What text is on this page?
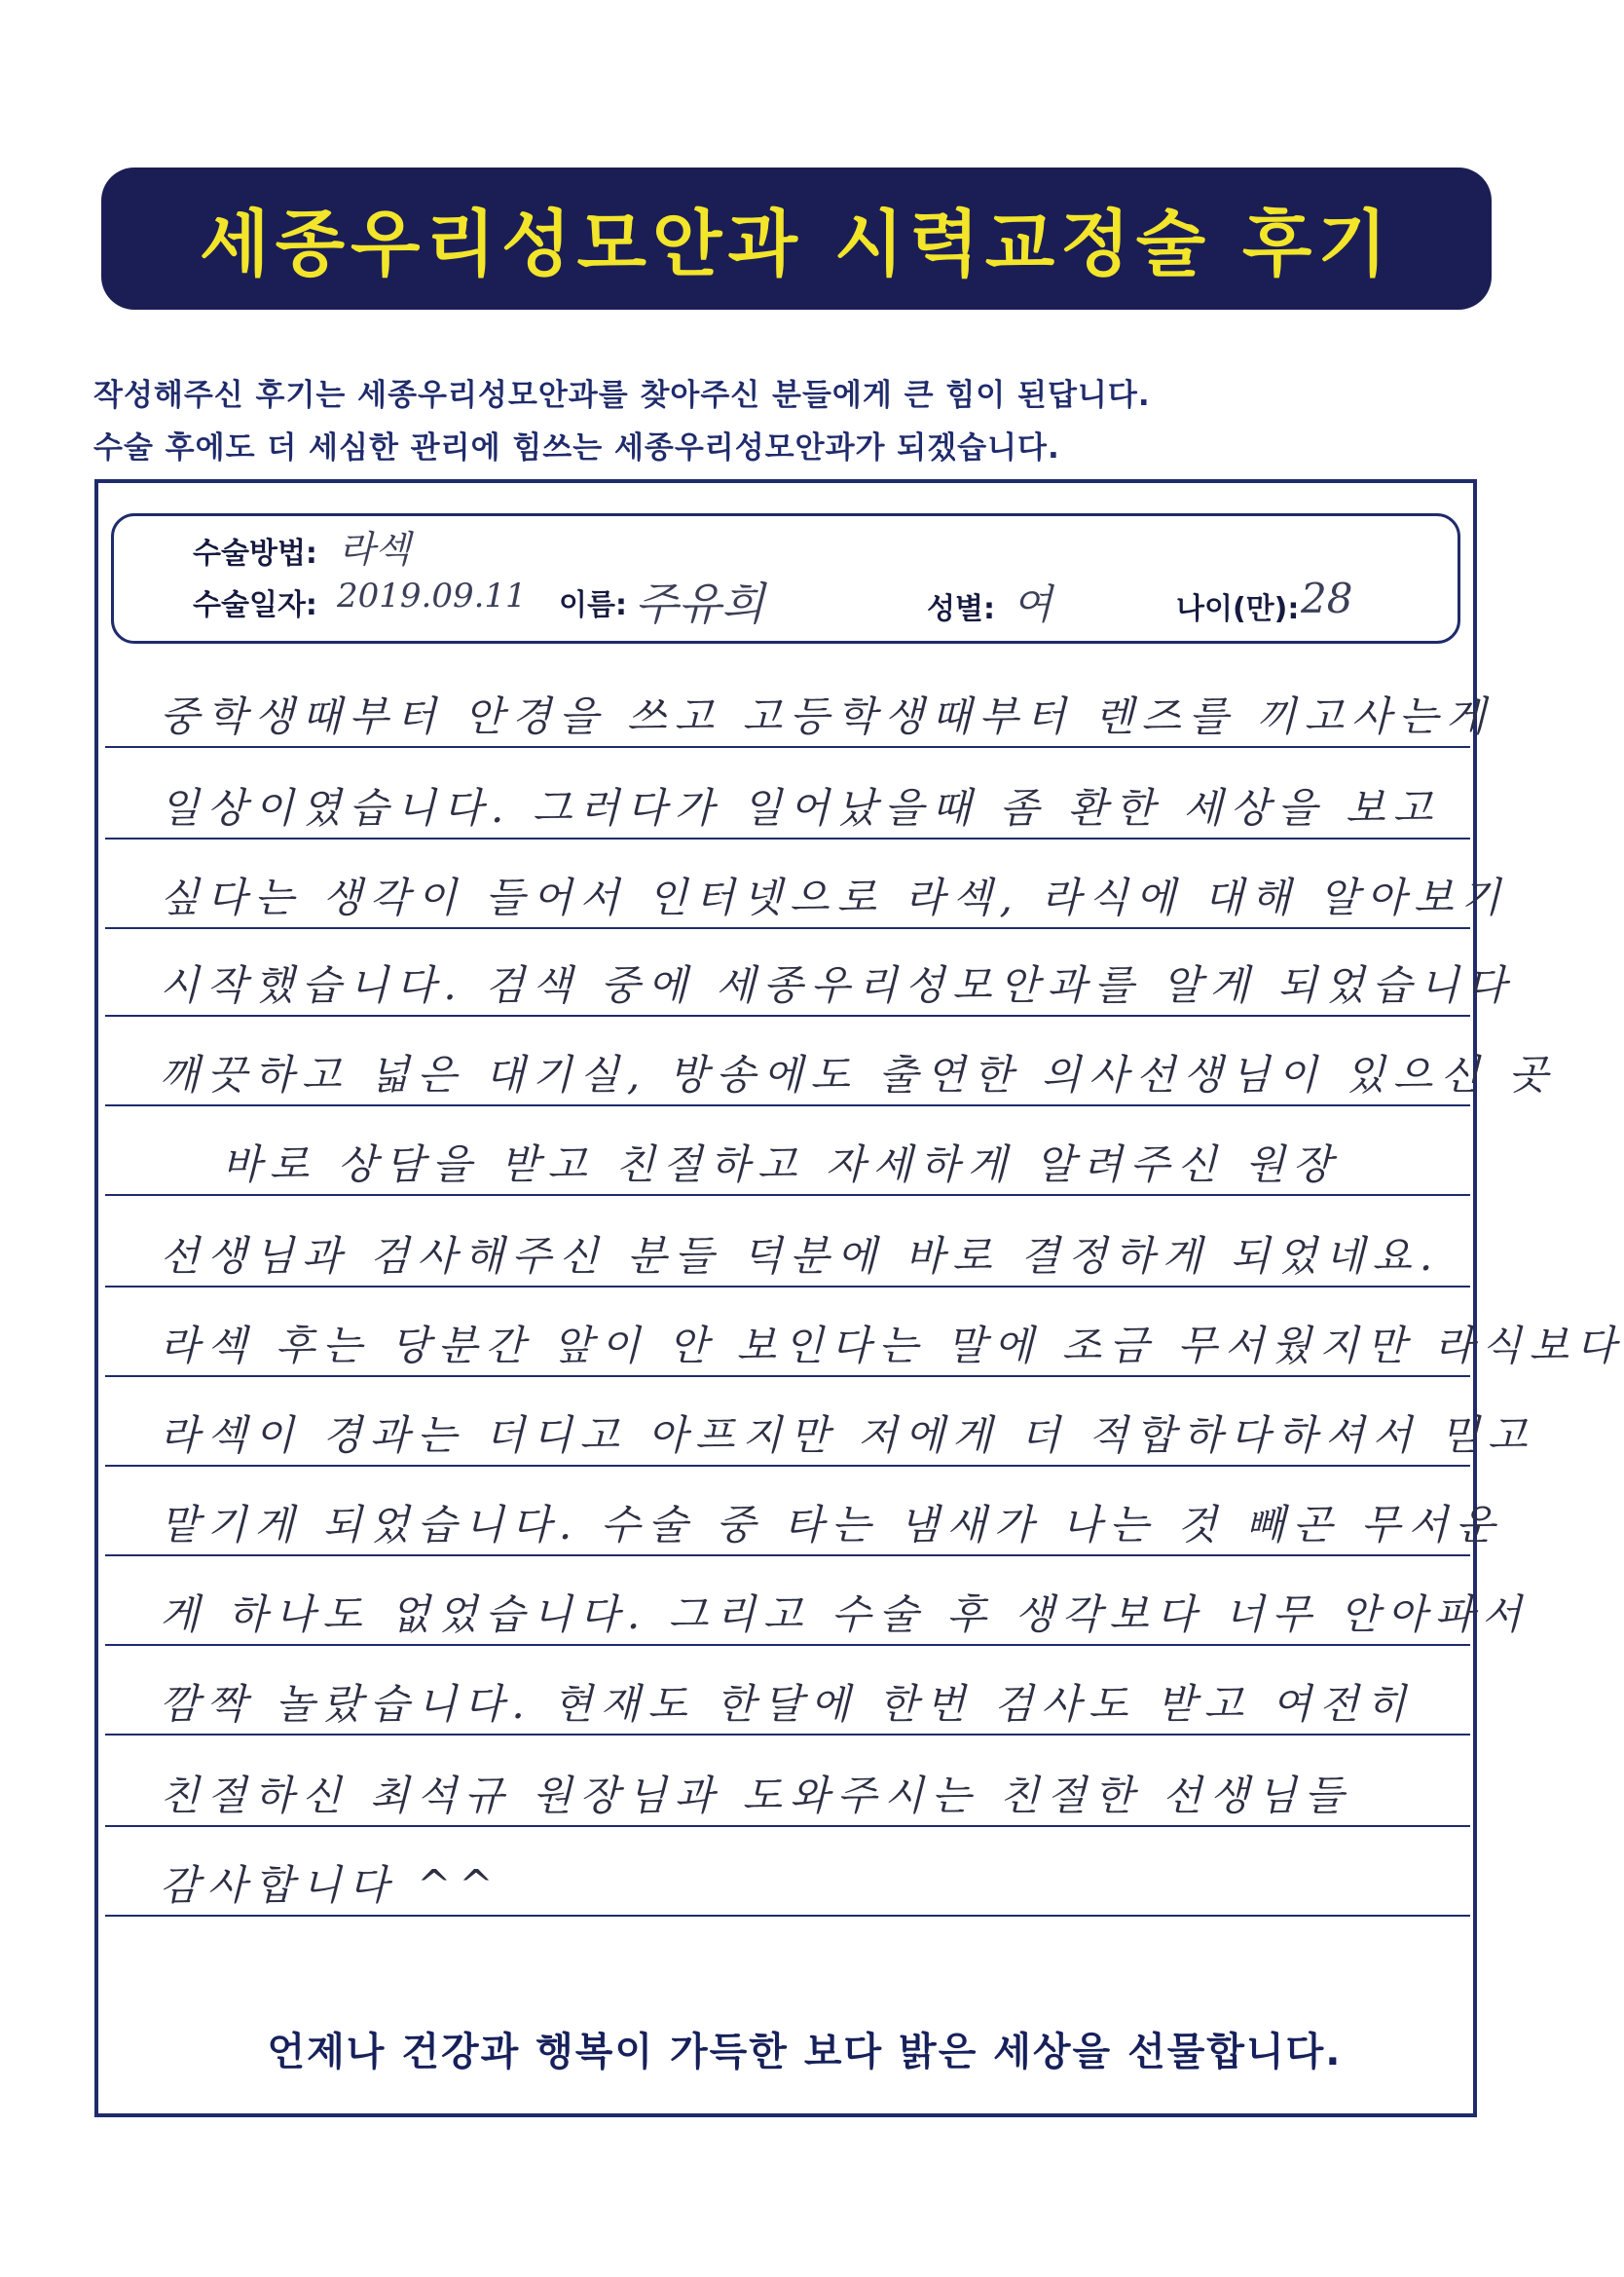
세종우리성모안과 시력교정술 후기
작성해주신 후기는 세종우리성모안과를 찾아주신 분들에게 큰 힘이 된답니다.
수술 후에도 더 세심한 관리에 힘쓰는 세종우리성모안과가 되겠습니다.
수술방법: 라섹
수술일자: 2019.09.11 이름: 주유희	성별: 여	나이(만): 28
중학생때부터 안경을 쓰고 고등학생때부터 렌즈를 끼고사는게
일상이였습니다. 그러다가 일어났을때 좀 환한 세상을 보고
싶다는 생각이 들어서 인터넷으로 라섹, 라식에 대해 알아보기
시작했습니다. 검색 중에 세종우리성모안과를 알게 되었습니다
깨끗하고 넓은 대기실, 방송에도 출연한 의사선생님이 있으신 곳
바로 상담을 받고 친절하고 자세하게 알려주신 원장
선생님과 검사해주신 분들 덕분에 바로 결정하게 되었네요.
라섹 후는 당분간 앞이 안 보인다는 말에 조금 무서웠지만 라식보다
라섹이 경과는 더디고 아프지만 저에게 더 적합하다하셔서 믿고
맡기게 되었습니다. 수술 중 타는 냄새가 나는 것 빼곤 무서운
게 하나도 없었습니다. 그리고 수술 후 생각보다 너무 안아파서
깜짝 놀랐습니다. 현재도 한달에 한번 검사도 받고 여전히
친절하신 최석규 원장님과 도와주시는 친절한 선생님들
감사합니다 ^^
언제나 건강과 행복이 가득한 보다 밝은 세상을 선물합니다.
